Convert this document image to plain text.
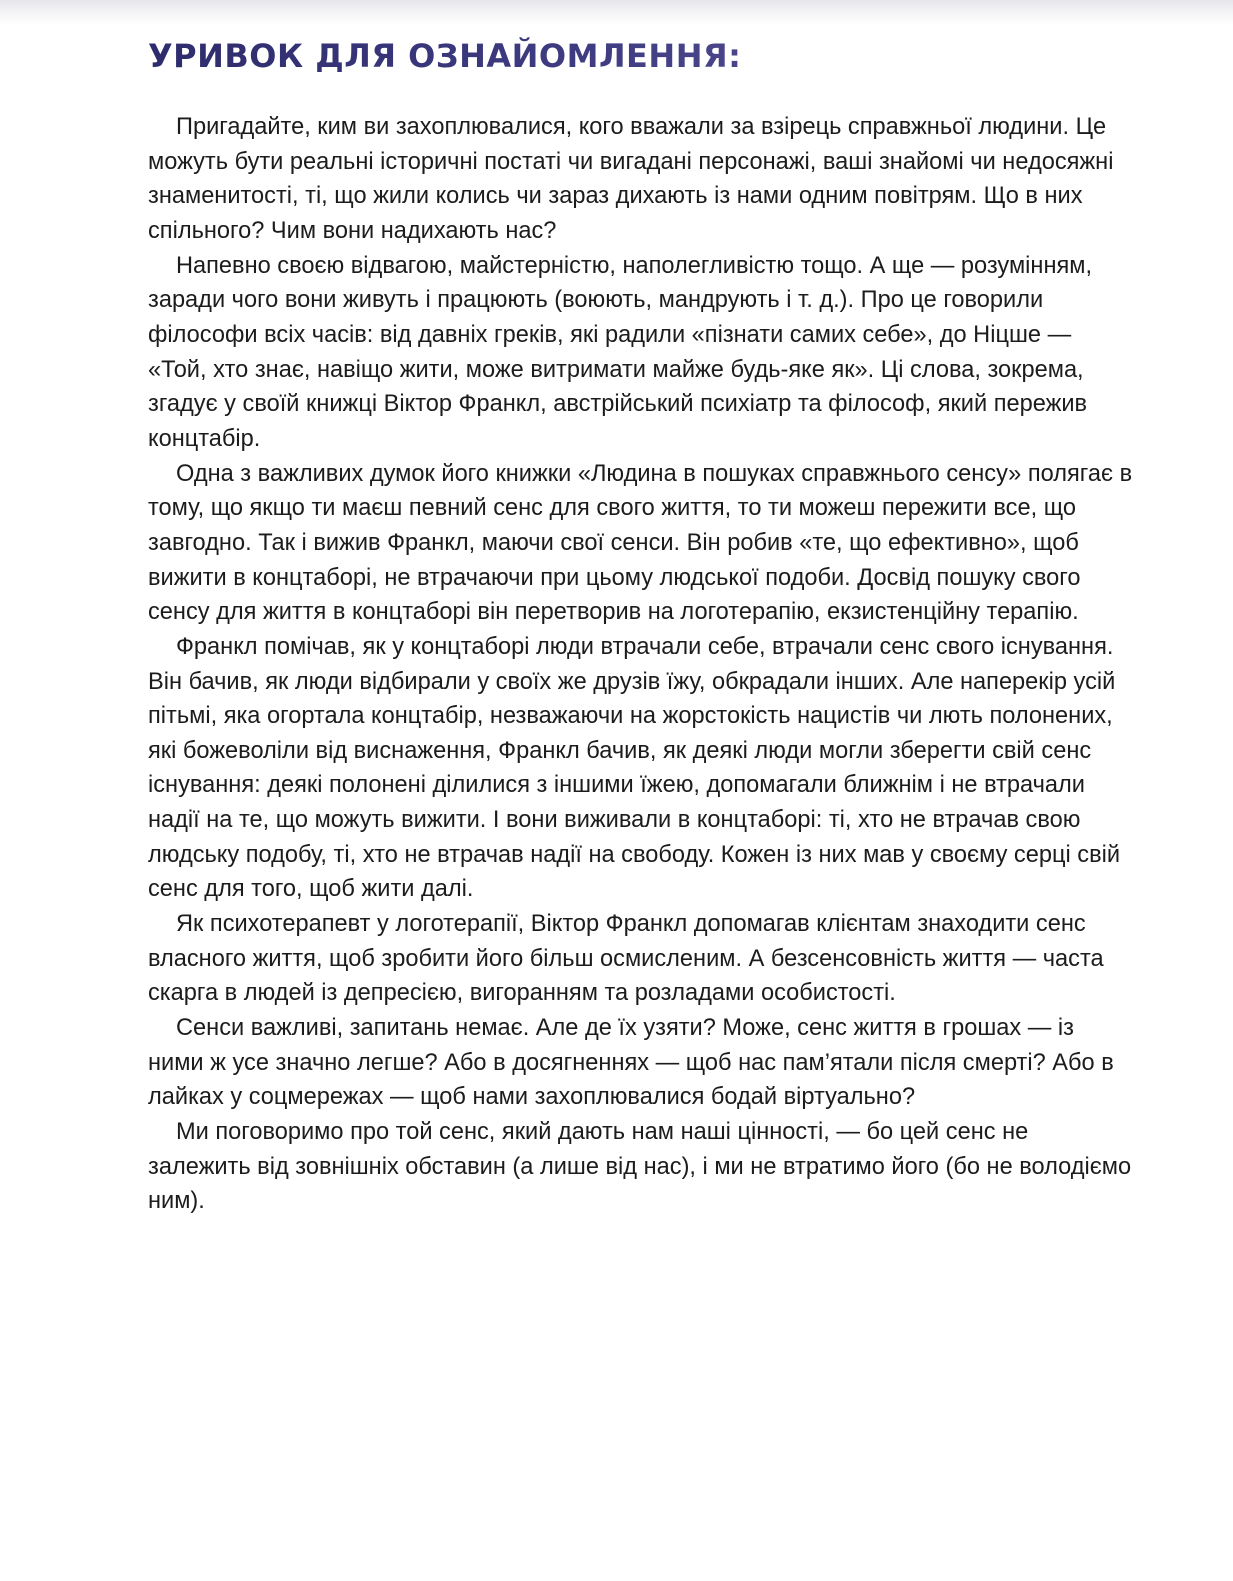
УРИВОК ДЛЯ ОЗНАЙОМЛЕННЯ:

Пригадайте, ким ви захоплювалися, кого вважали за взірець справжньої людини. Це можуть бути реальні історичні постаті чи вигадані персонажі, ваші знайомі чи недосяжні знаменитості, ті, що жили колись чи зараз дихають із нами одним повітрям. Що в них спільного? Чим вони надихають нас?

Напевно своєю відвагою, майстерністю, наполегливістю тощо. А ще — розумінням, заради чого вони живуть і працюють (воюють, мандрують і т. д.). Про це говорили філософи всіх часів: від давніх греків, які радили «пізнати самих себе», до Ніцше — «Той, хто знає, навіщо жити, може витримати майже будь-яке як». Ці слова, зокрема, згадує у своїй книжці Віктор Франкл, австрійський психіатр та філософ, який пережив концтабір.

Одна з важливих думок його книжки «Людина в пошуках справжнього сенсу» полягає в тому, що якщо ти маєш певний сенс для свого життя, то ти можеш пережити все, що завгодно. Так і вижив Франкл, маючи свої сенси. Він робив «те, що ефективно», щоб вижити в концтаборі, не втрачаючи при цьому людської подоби. Досвід пошуку свого сенсу для життя в концтаборі він перетворив на логотерапію, екзистенційну терапію.

Франкл помічав, як у концтаборі люди втрачали себе, втрачали сенс свого існування. Він бачив, як люди відбирали у своїх же друзів їжу, обкрадали інших. Але наперекір усій пітьмі, яка огортала концтабір, незважаючи на жорстокість нацистів чи лють полонених, які божеволіли від виснаження, Франкл бачив, як деякі люди могли зберегти свій сенс існування: деякі полонені ділилися з іншими їжею, допомагали ближнім і не втрачали надії на те, що можуть вижити. І вони виживали в концтаборі: ті, хто не втрачав свою людську подобу, ті, хто не втрачав надії на свободу. Кожен із них мав у своєму серці свій сенс для того, щоб жити далі.

Як психотерапевт у логотерапії, Віктор Франкл допомагав клієнтам знаходити сенс власного життя, щоб зробити його більш осмисленим. А безсенсовність життя — часта скарга в людей із депресією, вигоранням та розладами особистості.

Сенси важливі, запитань немає. Але де їх узяти? Може, сенс життя в грошах — із ними ж усе значно легше? Або в досягненнях — щоб нас пам’ятали після смерті? Або в лайках у соцмережах — щоб нами захоплювалися бодай віртуально?

Ми поговоримо про той сенс, який дають нам наші цінності, — бо цей сенс не залежить від зовнішніх обставин (а лише від нас), і ми не втратимо його (бо не володіємо ним).
